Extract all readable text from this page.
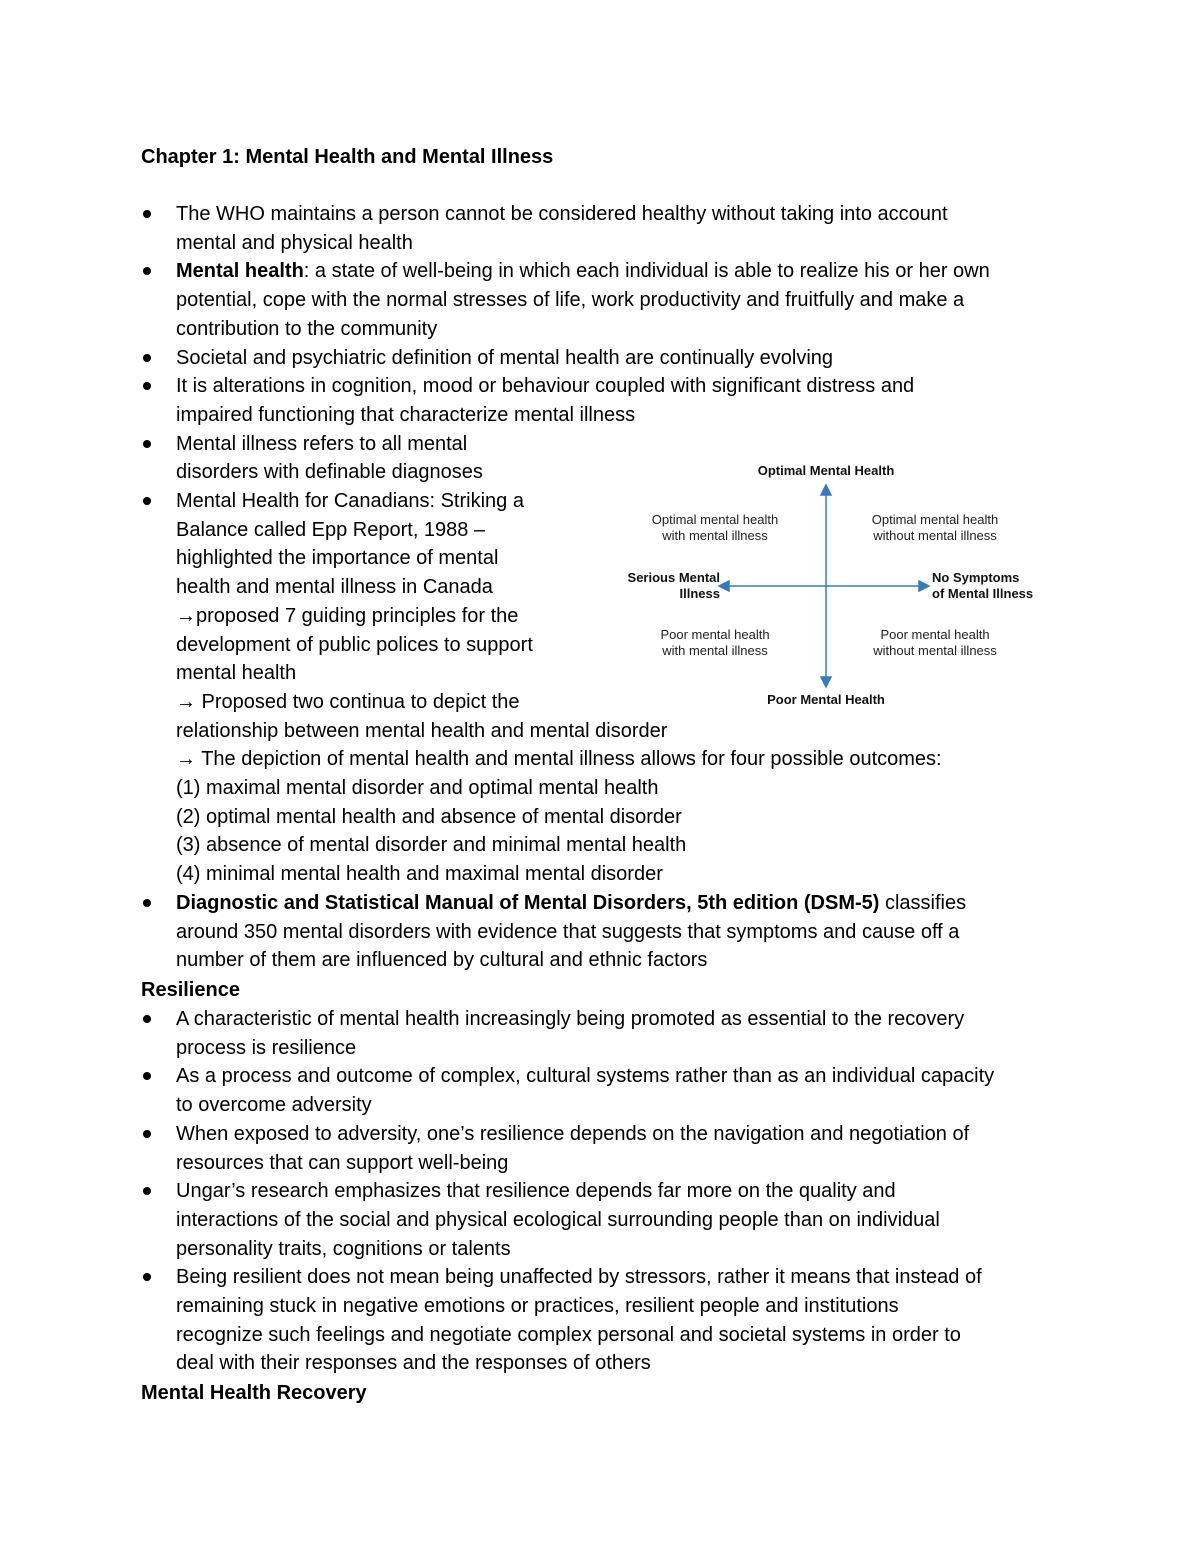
Chapter 1: Mental Health and Mental Illness
The WHO maintains a person cannot be considered healthy without taking into account
mental and physical health
Mental health: a state of well-being in which each individual is able to realize his or her own
potential, cope with the normal stresses of life, work productivity and fruitfully and make a
contribution to the community
Societal and psychiatric definition of mental health are continually evolving
It is alterations in cognition, mood or behaviour coupled with significant distress and
impaired functioning that characterize mental illness
Mental illness refers to all mental
disorders with definable diagnoses
Mental Health for Canadians: Striking a
Balance called Epp Report, 1988 –
highlighted the importance of mental
health and mental illness in Canada
→proposed 7 guiding principles for the
development of public polices to support
mental health
→ Proposed two continua to depict the
relationship between mental health and mental disorder
→ The depiction of mental health and mental illness allows for four possible outcomes:
(1) maximal mental disorder and optimal mental health
(2) optimal mental health and absence of mental disorder
(3) absence of mental disorder and minimal mental health
(4) minimal mental health and maximal mental disorder
Diagnostic and Statistical Manual of Mental Disorders, 5th edition (DSM-5) classifies
around 350 mental disorders with evidence that suggests that symptoms and cause off a
number of them are influenced by cultural and ethnic factors
Resilience
A characteristic of mental health increasingly being promoted as essential to the recovery
process is resilience
As a process and outcome of complex, cultural systems rather than as an individual capacity
to overcome adversity
When exposed to adversity, one’s resilience depends on the navigation and negotiation of
resources that can support well-being
Ungar’s research emphasizes that resilience depends far more on the quality and
interactions of the social and physical ecological surrounding people than on individual
personality traits, cognitions or talents
Being resilient does not mean being unaffected by stressors, rather it means that instead of
remaining stuck in negative emotions or practices, resilient people and institutions
recognize such feelings and negotiate complex personal and societal systems in order to
deal with their responses and the responses of others
Mental Health Recovery
Optimal Mental Health
Poor Mental Health
Serious Mental
Illness
No Symptoms
of Mental Illness
Optimal mental health
with mental illness
Optimal mental health
without mental illness
Poor mental health
with mental illness
Poor mental health
without mental illness
